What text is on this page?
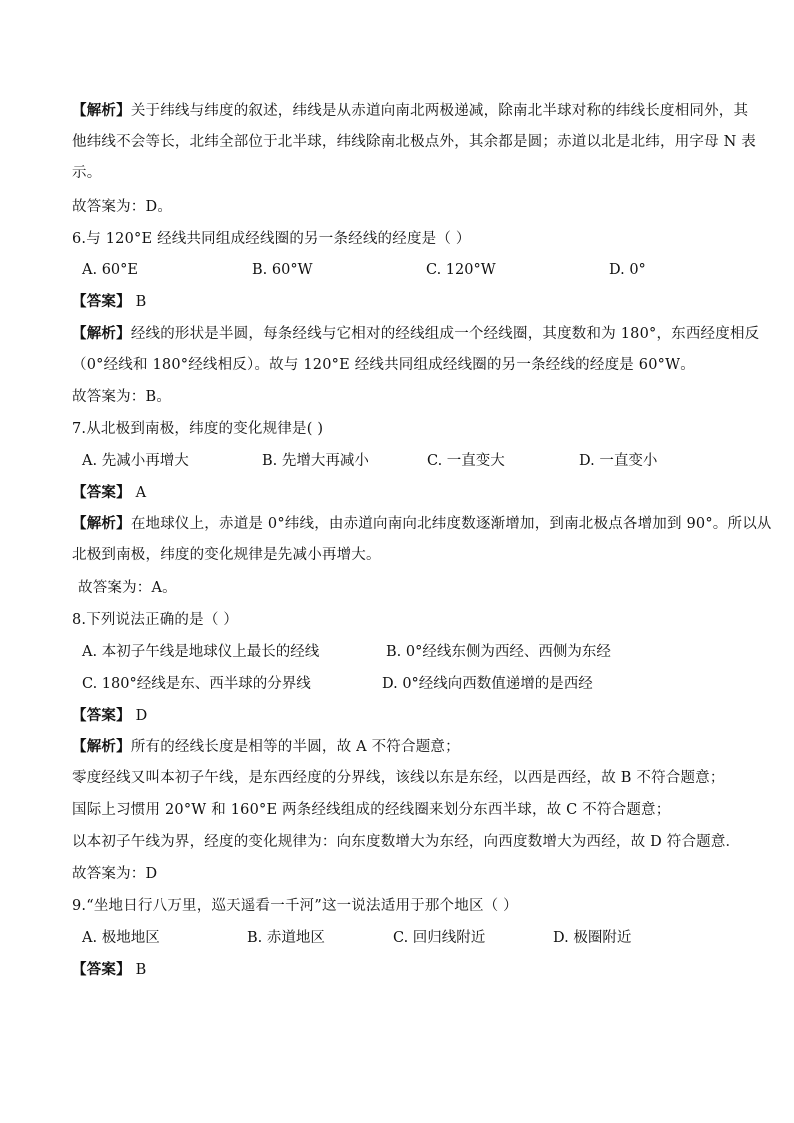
【解析】关于纬线与纬度的叙述，纬线是从赤道向南北两极递减，除南北半球对称的纬线长度相同外，其
他纬线不会等长，北纬全部位于北半球，纬线除南北极点外，其余都是圆；赤道以北是北纬，用字母 N 表
示。
故答案为：D。
6.与 120°E 经线共同组成经线圈的另一条经线的经度是（ ）
A. 60°E	B. 60°W	C. 120°W	D. 0°
【答案】 B
【解析】经线的形状是半圆，每条经线与它相对的经线组成一个经线圈，其度数和为 180°，东西经度相反
（0°经线和 180°经线相反）。故与 120°E 经线共同组成经线圈的另一条经线的经度是 60°W。
故答案为：B。
7.从北极到南极，纬度的变化规律是( )
A. 先减小再增大	B. 先增大再减小	C. 一直变大	D. 一直变小
【答案】 A
【解析】在地球仪上，赤道是 0°纬线，由赤道向南向北纬度数逐渐增加，到南北极点各增加到 90°。所以从
北极到南极，纬度的变化规律是先减小再增大。
故答案为：A。
8.下列说法正确的是（ ）
A. 本初子午线是地球仪上最长的经线	B. 0°经线东侧为西经、西侧为东经
C. 180°经线是东、西半球的分界线	D. 0°经线向西数值递增的是西经
【答案】 D
【解析】所有的经线长度是相等的半圆，故 A 不符合题意；
零度经线又叫本初子午线，是东西经度的分界线，该线以东是东经，以西是西经，故 B 不符合题意；
国际上习惯用 20°W 和 160°E 两条经线组成的经线圈来划分东西半球，故 C 不符合题意；
以本初子午线为界，经度的变化规律为：向东度数增大为东经，向西度数增大为西经，故 D 符合题意．
故答案为：D
9.“坐地日行八万里，巡天遥看一千河”这一说法适用于那个地区（ ）
A. 极地地区	B. 赤道地区	C. 回归线附近	D. 极圈附近
【答案】 B
